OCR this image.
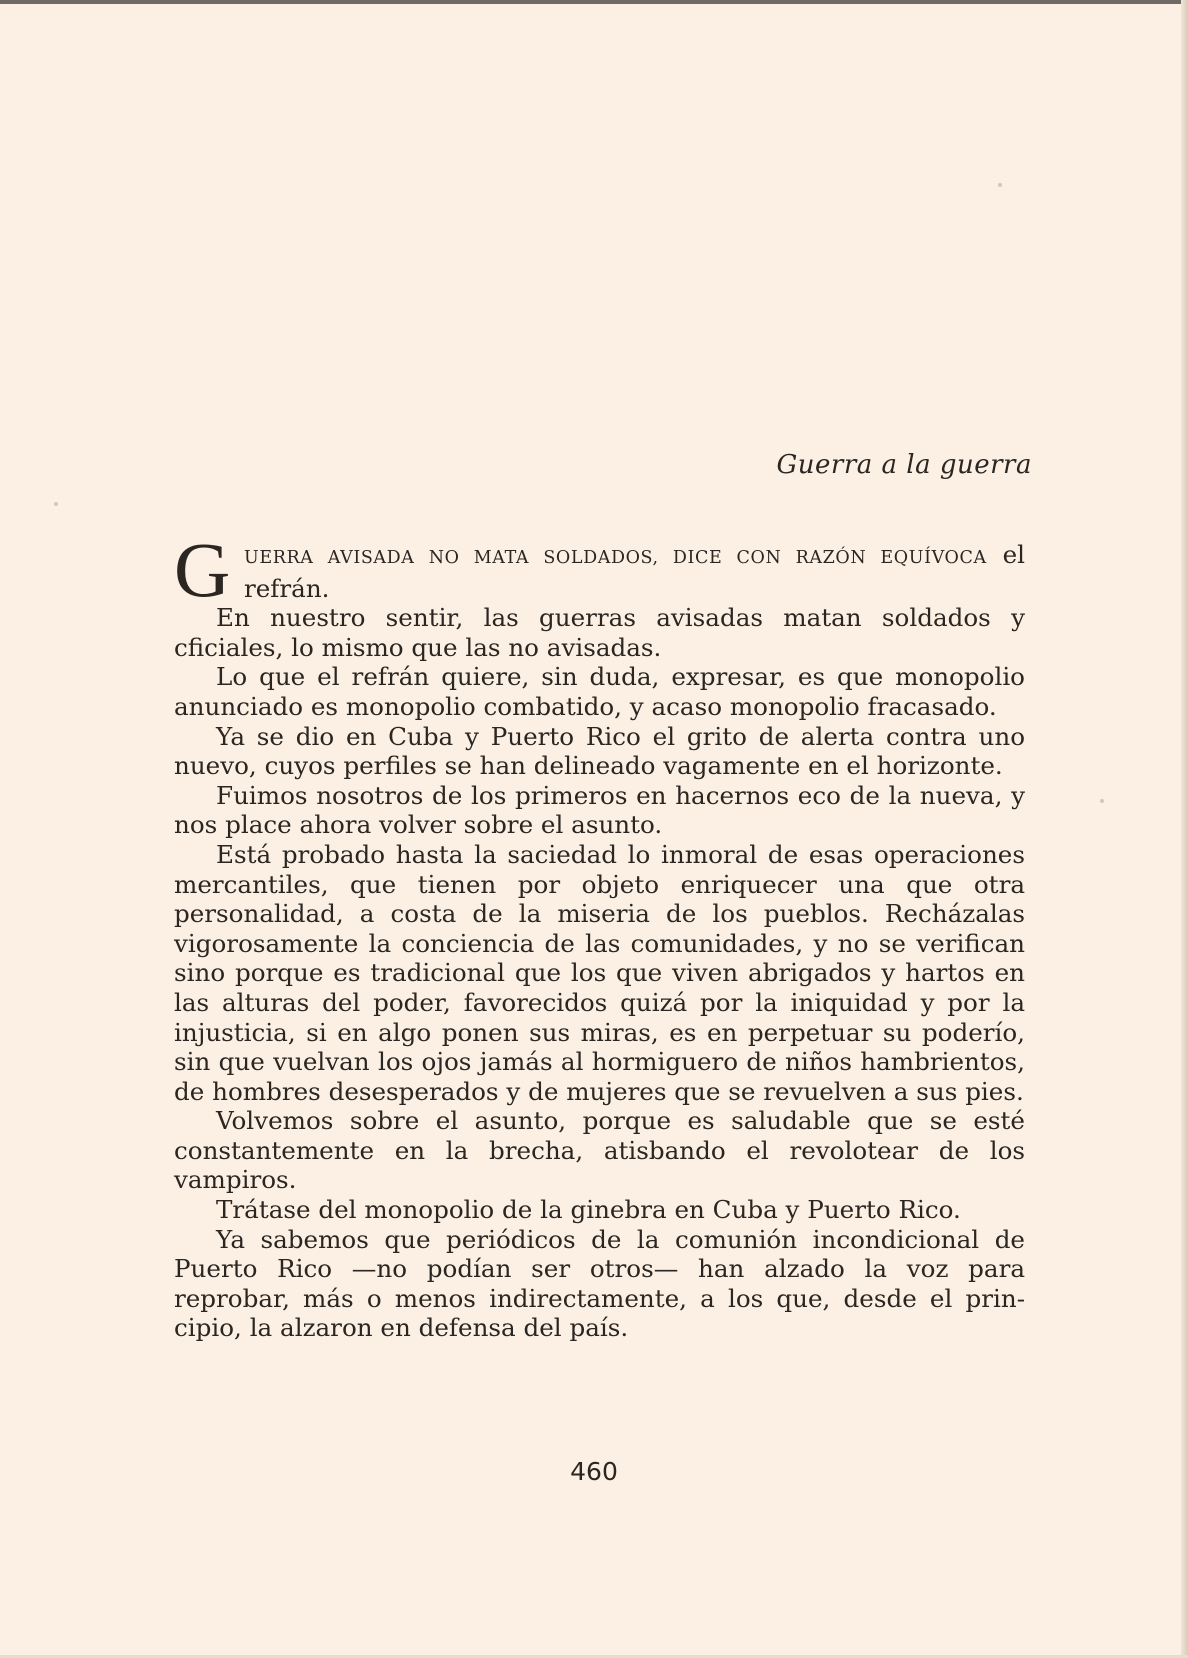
Guerra a la guerra

G UERRA AVISADA NO MATA SOLDADOS, DICE CON RAZÓN EQUÍVOCA el refrán.

En nuestro sentir, las guerras avisadas matan soldados y cficiales, lo mismo que las no avisadas.

Lo que el refrán quiere, sin duda, expresar, es que monopolio anunciado es monopolio combatido, y acaso monopolio fracasado.

Ya se dio en Cuba y Puerto Rico el grito de alerta contra uno nuevo, cuyos perfiles se han delineado vagamente en el horizonte.

Fuimos nosotros de los primeros en hacernos eco de la nueva, y nos place ahora volver sobre el asunto.

Está probado hasta la saciedad lo inmoral de esas operaciones mercantiles, que tienen por objeto enriquecer una que otra personalidad, a costa de la miseria de los pueblos. Recházalas vigorosamente la conciencia de las comunidades, y no se verifican sino porque es tradicional que los que viven abrigados y hartos en las alturas del poder, favorecidos quizá por la iniquidad y por la injusticia, si en algo ponen sus miras, es en perpetuar su poderío, sin que vuelvan los ojos jamás al hormiguero de niños hambrientos, de hombres desesperados y de mujeres que se revuelven a sus pies.

Volvemos sobre el asunto, porque es saludable que se esté constantemente en la brecha, atisbando el revolotear de los vampiros.

Trátase del monopolio de la ginebra en Cuba y Puerto Rico.

Ya sabemos que periódicos de la comunión incondicional de Puerto Rico —no podían ser otros— han alzado la voz para reprobar, más o menos indirectamente, a los que, desde el principio, la alzaron en defensa del país.

460
